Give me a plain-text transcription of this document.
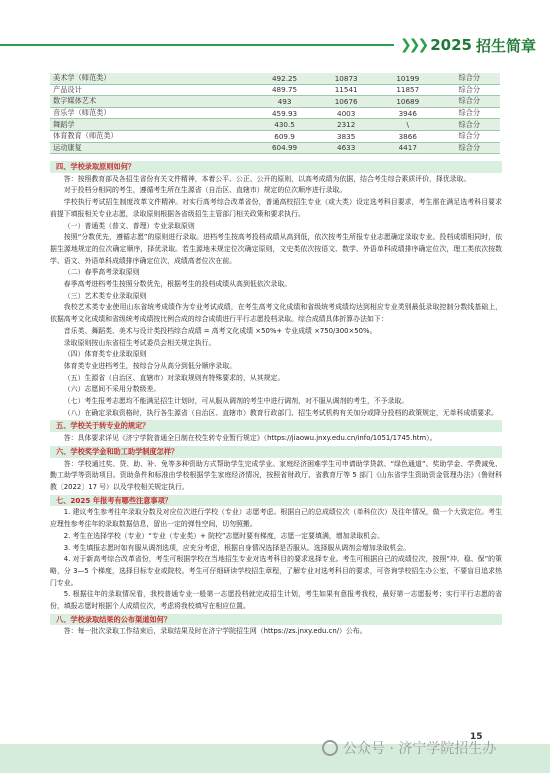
❯❯❯ 2025 招生简章
美术学（师范类）	492.25	10873	10199	综合分
产品设计	489.75	11541	11857	综合分
数字媒体艺术	493	10676	10689	综合分
音乐学（师范类）	459.93	4003	3946	综合分
舞蹈学	430.5	2312	\	综合分
体育教育（师范类）	609.9	3835	3866	综合分
运动康复	604.99	4633	4417	综合分

四、学校录取原则如何？

答：按照教育部及各招生省份有关文件精神，本着公平、公正、公开的原则，以高考成绩为依据，结合考生综合素质评价，择优录取。

对于投档分相同的考生，遵循考生所在生源省（自治区、直辖市）规定的位次顺序进行录取。

学校执行考试招生制度改革文件精神。对实行高考综合改革省份，普通高校招生专业（或大类）设定选考科目要求，考生需在满足选考科目要求前提下填报相关专业志愿，录取原则根据各省级招生主管部门相关政策和要求执行。

（一）普通类（普文、普理）专业录取原则

按照“分数优先，遵循志愿”的原则进行录取。进档考生按高考投档成绩从高到低，依次按考生所报专业志愿确定录取专业。投档成绩相同时，依据生源地规定的位次确定顺序，择优录取。若生源地未规定位次确定原则，文史类依次按语文、数学、外语单科成绩排序确定位次，理工类依次按数学、语文、外语单科成绩排序确定位次，成绩高者位次在前。

（二）春季高考录取原则

春季高考进档考生按照分数优先，根据考生的投档成绩从高到低依次录取。

（三）艺术类专业录取原则

我校艺术类专业使用山东省统考成绩作为专业考试成绩，在考生高考文化成绩和省级统考成绩均达到相应专业类别最低录取控制分数线基础上，依据高考文化成绩和省级统考成绩按比例合成的综合成绩进行平行志愿投档录取。综合成绩具体折算办法如下：

音乐类、舞蹈类、美术与设计类投档综合成绩 = 高考文化成绩 ×50%+ 专业成绩 ×750/300×50%。

录取原则按山东省招生考试委员会相关规定执行。

（四）体育类专业录取原则

体育类专业进档考生，按综合分从高分到低分顺序录取。

（五）生源省（自治区、直辖市）对录取规则有特殊要求的，从其规定。

（六）志愿间不采用分数级差。

（七）考生报考志愿均不能满足招生计划时，可从服从调剂的考生中进行调剂，对不服从调剂的考生，不予录取。

（八）在确定录取资格时，执行各生源省（自治区、直辖市）教育行政部门、招生考试机构有关加分或降分投档的政策规定，无单科成绩要求。

五、学校关于转专业的规定？

答：具体要求详见《济宁学院普通全日制在校生转专业暂行规定》（https://jiaowu.jnxy.edu.cn/info/1051/1745.htm）。

六、学校奖学金和助工助学制度怎样？

答：学校通过奖、贷、助、补、免等多种资助方式帮助学生完成学业。家庭经济困难学生可申请助学贷款、“绿色通道”、奖助学金、学费减免、勤工助学等资助项目。资助条件和标准由学校根据学生家庭经济情况，按照省财政厅、省教育厅等 5 部门《山东省学生资助资金管理办法》（鲁财科教〔2022〕17 号）以及学校相关规定执行。

七、2025 年报考有哪些注意事项？

1. 建议考生参考往年录取分数及对应位次进行学校（专业）志愿考虑。根据自己的总成绩位次（单科位次）及往年情况，做一个大致定位。考生应理性参考往年的录取数据信息，留出一定的弹性空间，切勿照搬。

2. 考生在选择学校（专业）“专业（专业类）+ 院校”志愿时要有梯度，志愿一定要填满，增加录取机会。

3. 考生填报志愿时如有服从调剂选项，应充分考虑，根据自身情况选择是否服从。选择服从调剂会增加录取机会。

4. 对于新高考综合改革省份，考生可根据学校在当地招生专业对选考科目的要求选择专业。考生可根据自己的成绩位次，按照“冲、稳、保”的策略，分 3—5 个梯度，选择目标专业或院校。考生可仔细研读学校招生章程，了解专业对选考科目的要求，可咨询学校招生办公室，不要盲目追求热门专业。

5. 根据往年的录取情况看，我校普通专业一般第一志愿投档就完成招生计划，考生如果有意报考我校，最好第一志愿报考；实行平行志愿的省份，填报志愿时根据个人成绩位次，考虑将我校填写在相应位置。

八、学校录取结果的公布渠道如何？

答：每一批次录取工作结束后，录取结果及时在济宁学院招生网（https://zs.jnxy.edu.cn/）公布。

15
公众号 · 济宁学院招生办
